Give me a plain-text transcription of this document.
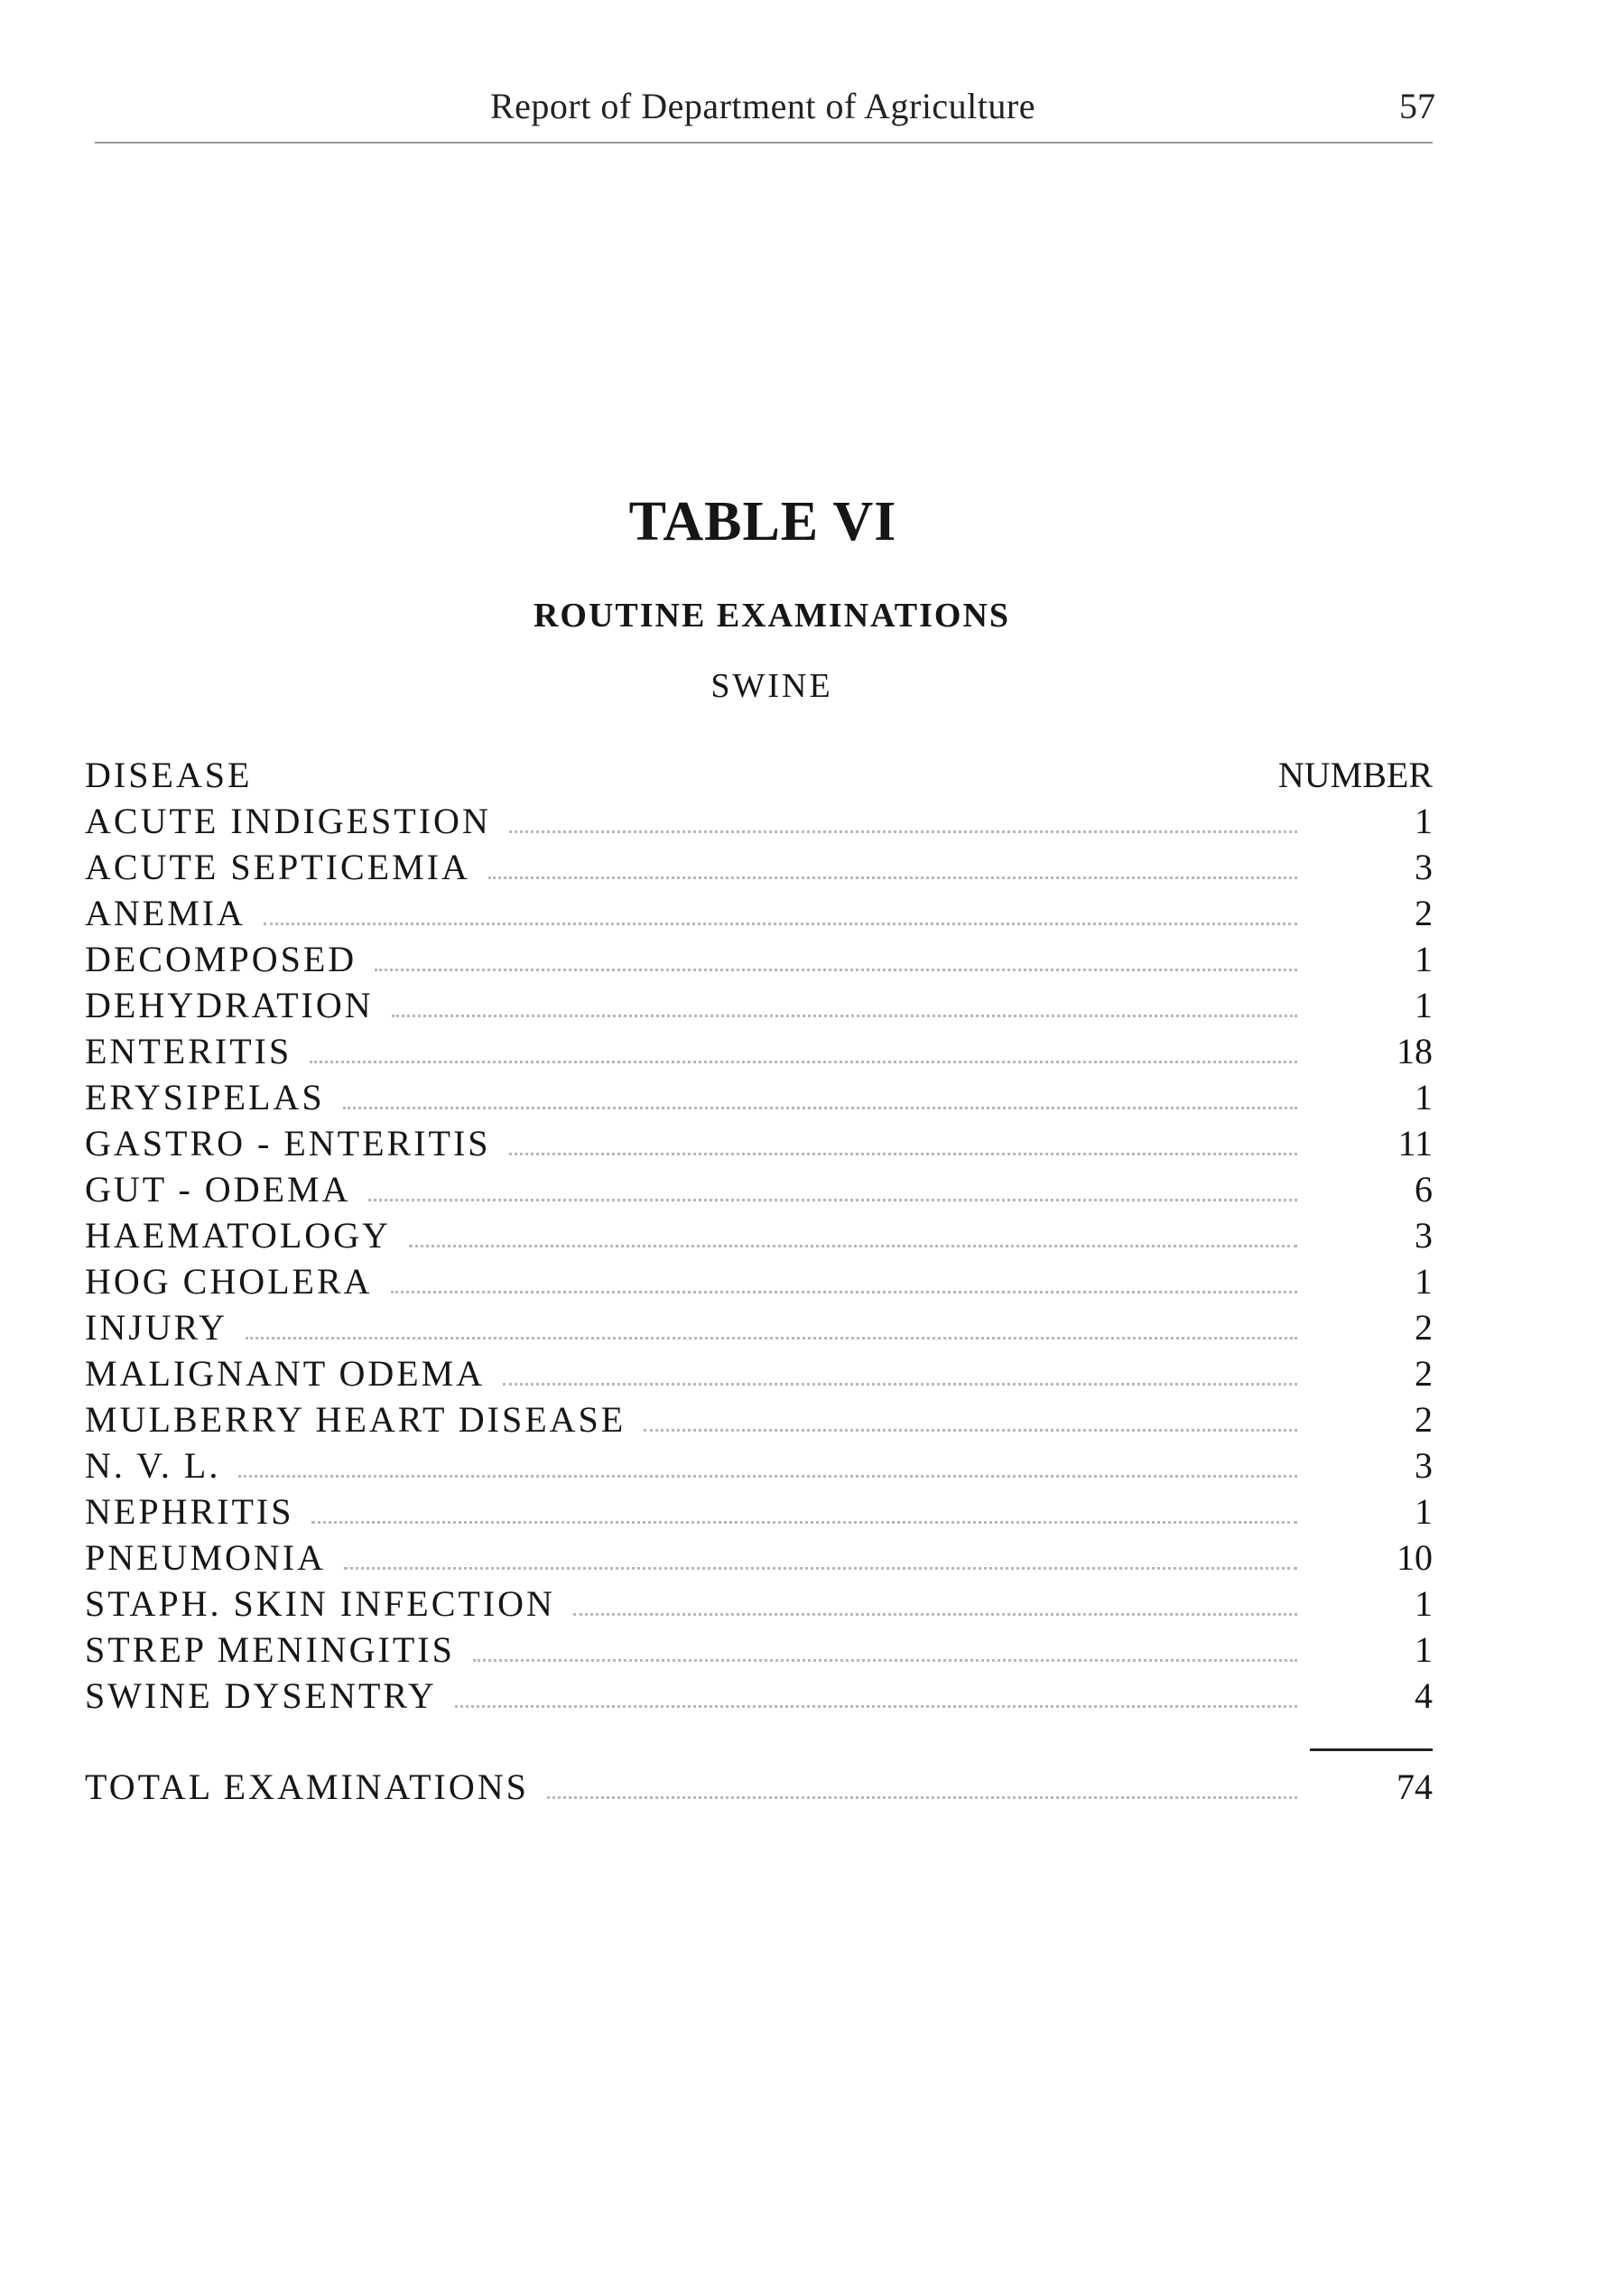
Report of Department of Agriculture	57
TABLE VI
ROUTINE EXAMINATIONS
SWINE
DISEASE	NUMBER
ACUTE INDIGESTION	1
ACUTE SEPTICEMIA	3
ANEMIA	2
DECOMPOSED	1
DEHYDRATION	1
ENTERITIS	18
ERYSIPELAS	1
GASTRO - ENTERITIS	11
GUT - ODEMA	6
HAEMATOLOGY	3
HOG CHOLERA	1
INJURY	2
MALIGNANT ODEMA	2
MULBERRY HEART DISEASE	2
N. V. L.	3
NEPHRITIS	1
PNEUMONIA	10
STAPH. SKIN INFECTION	1
STREP MENINGITIS	1
SWINE DYSENTRY	4
TOTAL EXAMINATIONS	74
